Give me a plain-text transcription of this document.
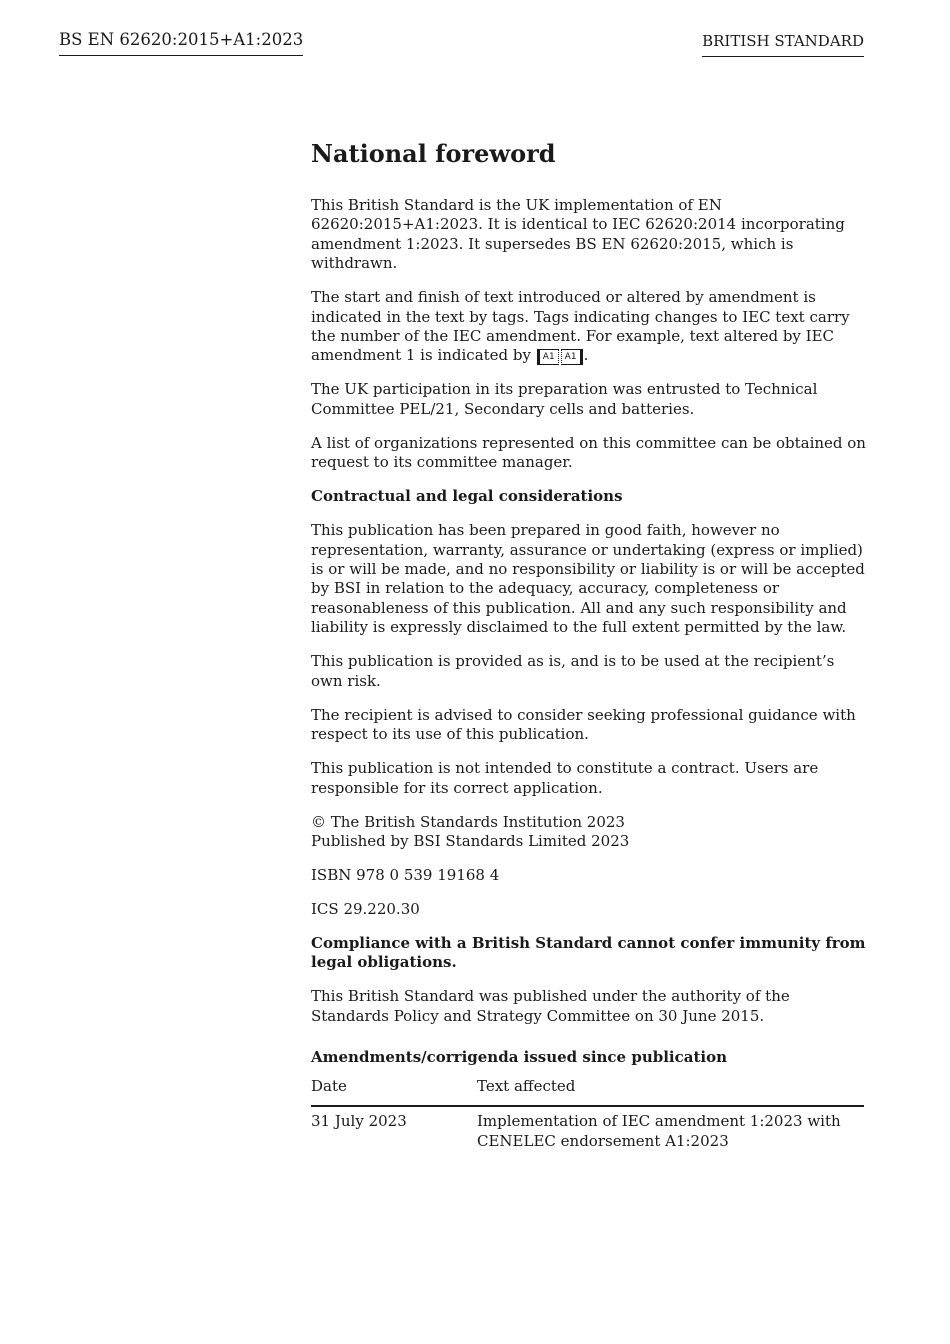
BS EN 62620:2015+A1:2023	BRITISH STANDARD
National foreword

This British Standard is the UK implementation of EN 62620:2015+A1:2023. It is identical to IEC 62620:2014 incorporating amendment 1:2023. It supersedes BS EN 62620:2015, which is withdrawn.

The start and finish of text introduced or altered by amendment is indicated in the text by tags. Tags indicating changes to IEC text carry the number of the IEC amendment. For example, text altered by IEC amendment 1 is indicated by A1 A1 .

The UK participation in its preparation was entrusted to Technical Committee PEL/21, Secondary cells and batteries.

A list of organizations represented on this committee can be obtained on request to its committee manager.

Contractual and legal considerations

This publication has been prepared in good faith, however no representation, warranty, assurance or undertaking (express or implied) is or will be made, and no responsibility or liability is or will be accepted by BSI in relation to the adequacy, accuracy, completeness or reasonableness of this publication. All and any such responsibility and liability is expressly disclaimed to the full extent permitted by the law.

This publication is provided as is, and is to be used at the recipient’s own risk.

The recipient is advised to consider seeking professional guidance with respect to its use of this publication.

This publication is not intended to constitute a contract. Users are responsible for its correct application.

© The British Standards Institution 2023
Published by BSI Standards Limited 2023

ISBN 978 0 539 19168 4

ICS 29.220.30

Compliance with a British Standard cannot confer immunity from legal obligations.

This British Standard was published under the authority of the Standards Policy and Strategy Committee on 30 June 2015.

Amendments/corrigenda issued since publication
Date	Text affected
31 July 2023	Implementation of IEC amendment 1:2023 with CENELEC endorsement A1:2023
